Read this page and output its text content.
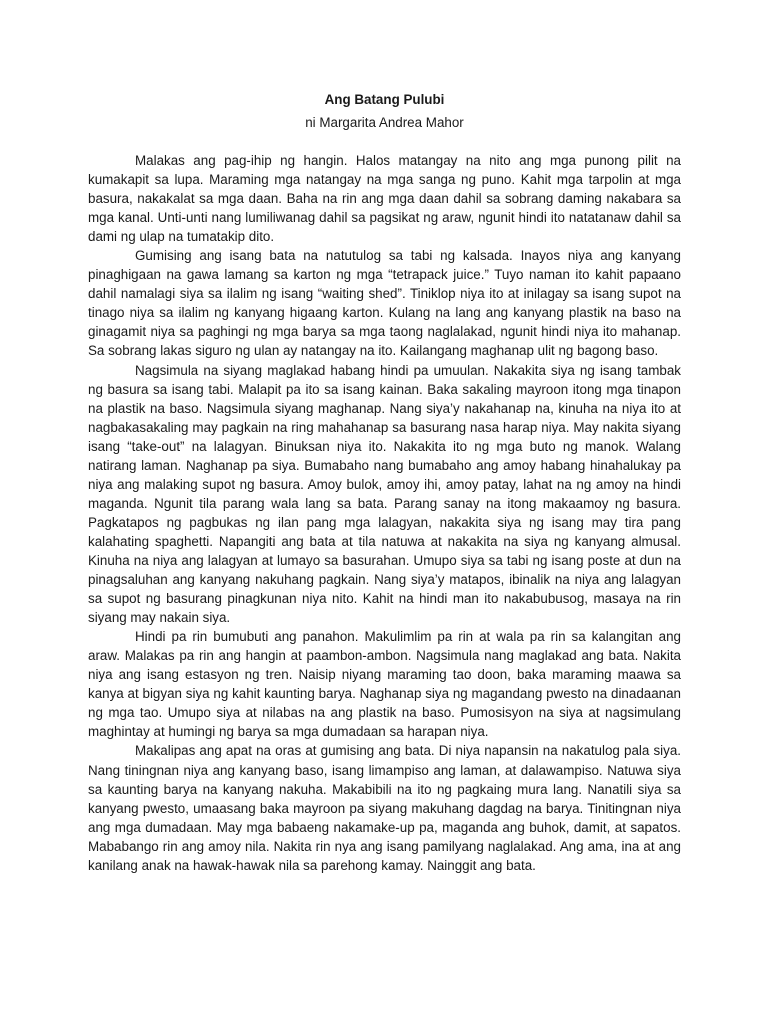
Ang Batang Pulubi
ni Margarita Andrea Mahor

Malakas ang pag-ihip ng hangin. Halos matangay na nito ang mga punong pilit na kumakapit sa lupa. Maraming mga natangay na mga sanga ng puno. Kahit mga tarpolin at mga basura, nakakalat sa mga daan. Baha na rin ang mga daan dahil sa sobrang daming nakabara sa mga kanal. Unti-unti nang lumiliwanag dahil sa pagsikat ng araw, ngunit hindi ito natatanaw dahil sa dami ng ulap na tumatakip dito.

Gumising ang isang bata na natutulog sa tabi ng kalsada. Inayos niya ang kanyang pinaghigaan na gawa lamang sa karton ng mga “tetrapack juice.” Tuyo naman ito kahit papaano dahil namalagi siya sa ilalim ng isang “waiting shed”. Tiniklop niya ito at inilagay sa isang supot na tinago niya sa ilalim ng kanyang higaang karton. Kulang na lang ang kanyang plastik na baso na ginagamit niya sa paghingi ng mga barya sa mga taong naglalakad, ngunit hindi niya ito mahanap. Sa sobrang lakas siguro ng ulan ay natangay na ito. Kailangang maghanap ulit ng bagong baso.

Nagsimula na siyang maglakad habang hindi pa umuulan. Nakakita siya ng isang tambak ng basura sa isang tabi. Malapit pa ito sa isang kainan. Baka sakaling mayroon itong mga tinapon na plastik na baso. Nagsimula siyang maghanap. Nang siya’y nakahanap na, kinuha na niya ito at nagbakasakaling may pagkain na ring mahahanap sa basurang nasa harap niya. May nakita siyang isang “take-out” na lalagyan. Binuksan niya ito. Nakakita ito ng mga buto ng manok. Walang natirang laman. Naghanap pa siya. Bumabaho nang bumabaho ang amoy habang hinahalukay pa niya ang malaking supot ng basura. Amoy bulok, amoy ihi, amoy patay, lahat na ng amoy na hindi maganda. Ngunit tila parang wala lang sa bata. Parang sanay na itong makaamoy ng basura. Pagkatapos ng pagbukas ng ilan pang mga lalagyan, nakakita siya ng isang may tira pang kalahating spaghetti. Napangiti ang bata at tila natuwa at nakakita na siya ng kanyang almusal. Kinuha na niya ang lalagyan at lumayo sa basurahan. Umupo siya sa tabi ng isang poste at dun na pinagsaluhan ang kanyang nakuhang pagkain. Nang siya’y matapos, ibinalik na niya ang lalagyan sa supot ng basurang pinagkunan niya nito. Kahit na hindi man ito nakabubusog, masaya na rin siyang may nakain siya.

Hindi pa rin bumubuti ang panahon. Makulimlim pa rin at wala pa rin sa kalangitan ang araw. Malakas pa rin ang hangin at paambon-ambon. Nagsimula nang maglakad ang bata. Nakita niya ang isang estasyon ng tren. Naisip niyang maraming tao doon, baka maraming maawa sa kanya at bigyan siya ng kahit kaunting barya. Naghanap siya ng magandang pwesto na dinadaanan ng mga tao. Umupo siya at nilabas na ang plastik na baso. Pumosisyon na siya at nagsimulang maghintay at humingi ng barya sa mga dumadaan sa harapan niya.

Makalipas ang apat na oras at gumising ang bata. Di niya napansin na nakatulog pala siya. Nang tiningnan niya ang kanyang baso, isang limampiso ang laman, at dalawampiso. Natuwa siya sa kaunting barya na kanyang nakuha. Makabibili na ito ng pagkaing mura lang. Nanatili siya sa kanyang pwesto, umaasang baka mayroon pa siyang makuhang dagdag na barya. Tinitingnan niya ang mga dumadaan. May mga babaeng nakamake-up pa, maganda ang buhok, damit, at sapatos. Mababango rin ang amoy nila. Nakita rin nya ang isang pamilyang naglalakad. Ang ama, ina at ang kanilang anak na hawak-hawak nila sa parehong kamay. Nainggit ang bata.
